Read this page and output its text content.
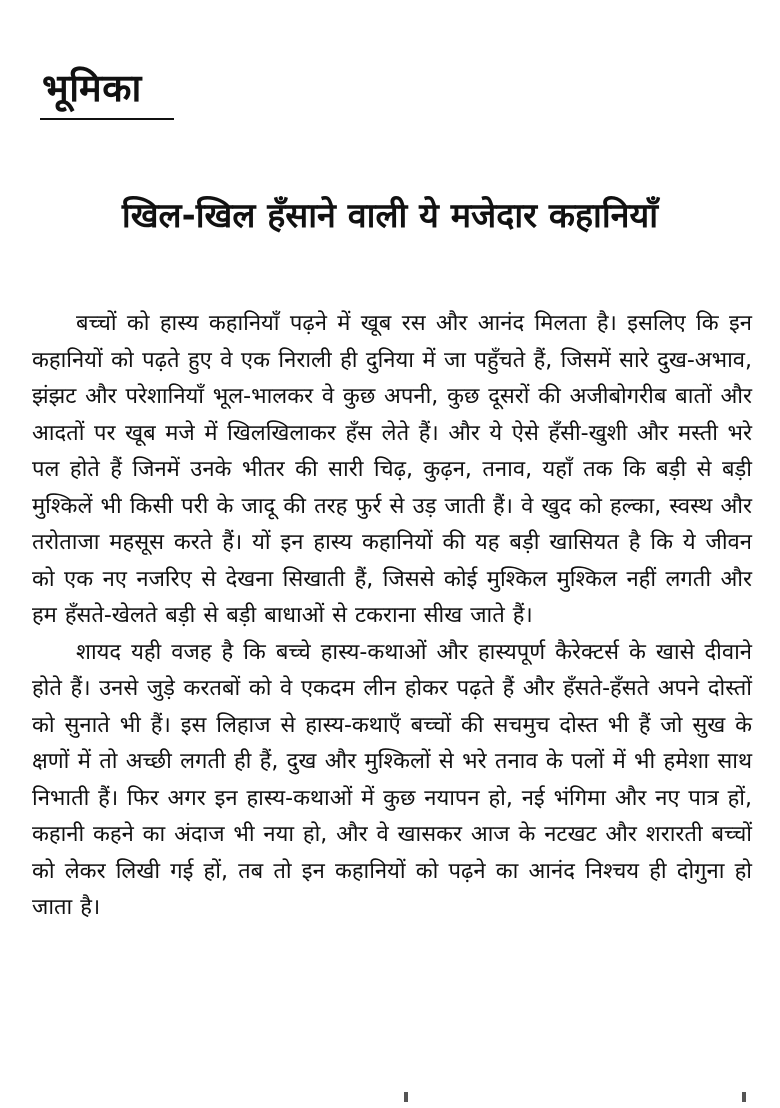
भूमिका
खिल-खिल हँसाने वाली ये मजेदार कहानियाँ

बच्चों को हास्य कहानियाँ पढ़ने में खूब रस और आनंद मिलता है। इसलिए कि इन कहानियों को पढ़ते हुए वे एक निराली ही दुनिया में जा पहुँचते हैं, जिसमें सारे दुख-अभाव, झंझट और परेशानियाँ भूल-भालकर वे कुछ अपनी, कुछ दूसरों की अजीबोगरीब बातों और आदतों पर खूब मजे में खिलखिलाकर हँस लेते हैं। और ये ऐसे हँसी-खुशी और मस्ती भरे पल होते हैं जिनमें उनके भीतर की सारी चिढ़, कुढ़न, तनाव, यहाँ तक कि बड़ी से बड़ी मुश्किलें भी किसी परी के जादू की तरह फुर्र से उड़ जाती हैं। वे खुद को हल्का, स्वस्थ और तरोताजा महसूस करते हैं। यों इन हास्य कहानियों की यह बड़ी खासियत है कि ये जीवन को एक नए नजरिए से देखना सिखाती हैं, जिससे कोई मुश्किल मुश्किल नहीं लगती और हम हँसते-खेलते बड़ी से बड़ी बाधाओं से टकराना सीख जाते हैं।

शायद यही वजह है कि बच्चे हास्य-कथाओं और हास्यपूर्ण कैरेक्टर्स के खासे दीवाने होते हैं। उनसे जुड़े करतबों को वे एकदम लीन होकर पढ़ते हैं और हँसते-हँसते अपने दोस्तों को सुनाते भी हैं। इस लिहाज से हास्य-कथाएँ बच्चों की सचमुच दोस्त भी हैं जो सुख के क्षणों में तो अच्छी लगती ही हैं, दुख और मुश्किलों से भरे तनाव के पलों में भी हमेशा साथ निभाती हैं। फिर अगर इन हास्य-कथाओं में कुछ नयापन हो, नई भंगिमा और नए पात्र हों, कहानी कहने का अंदाज भी नया हो, और वे खासकर आज के नटखट और शरारती बच्चों को लेकर लिखी गई हों, तब तो इन कहानियों को पढ़ने का आनंद निश्चय ही दोगुना हो जाता है।
